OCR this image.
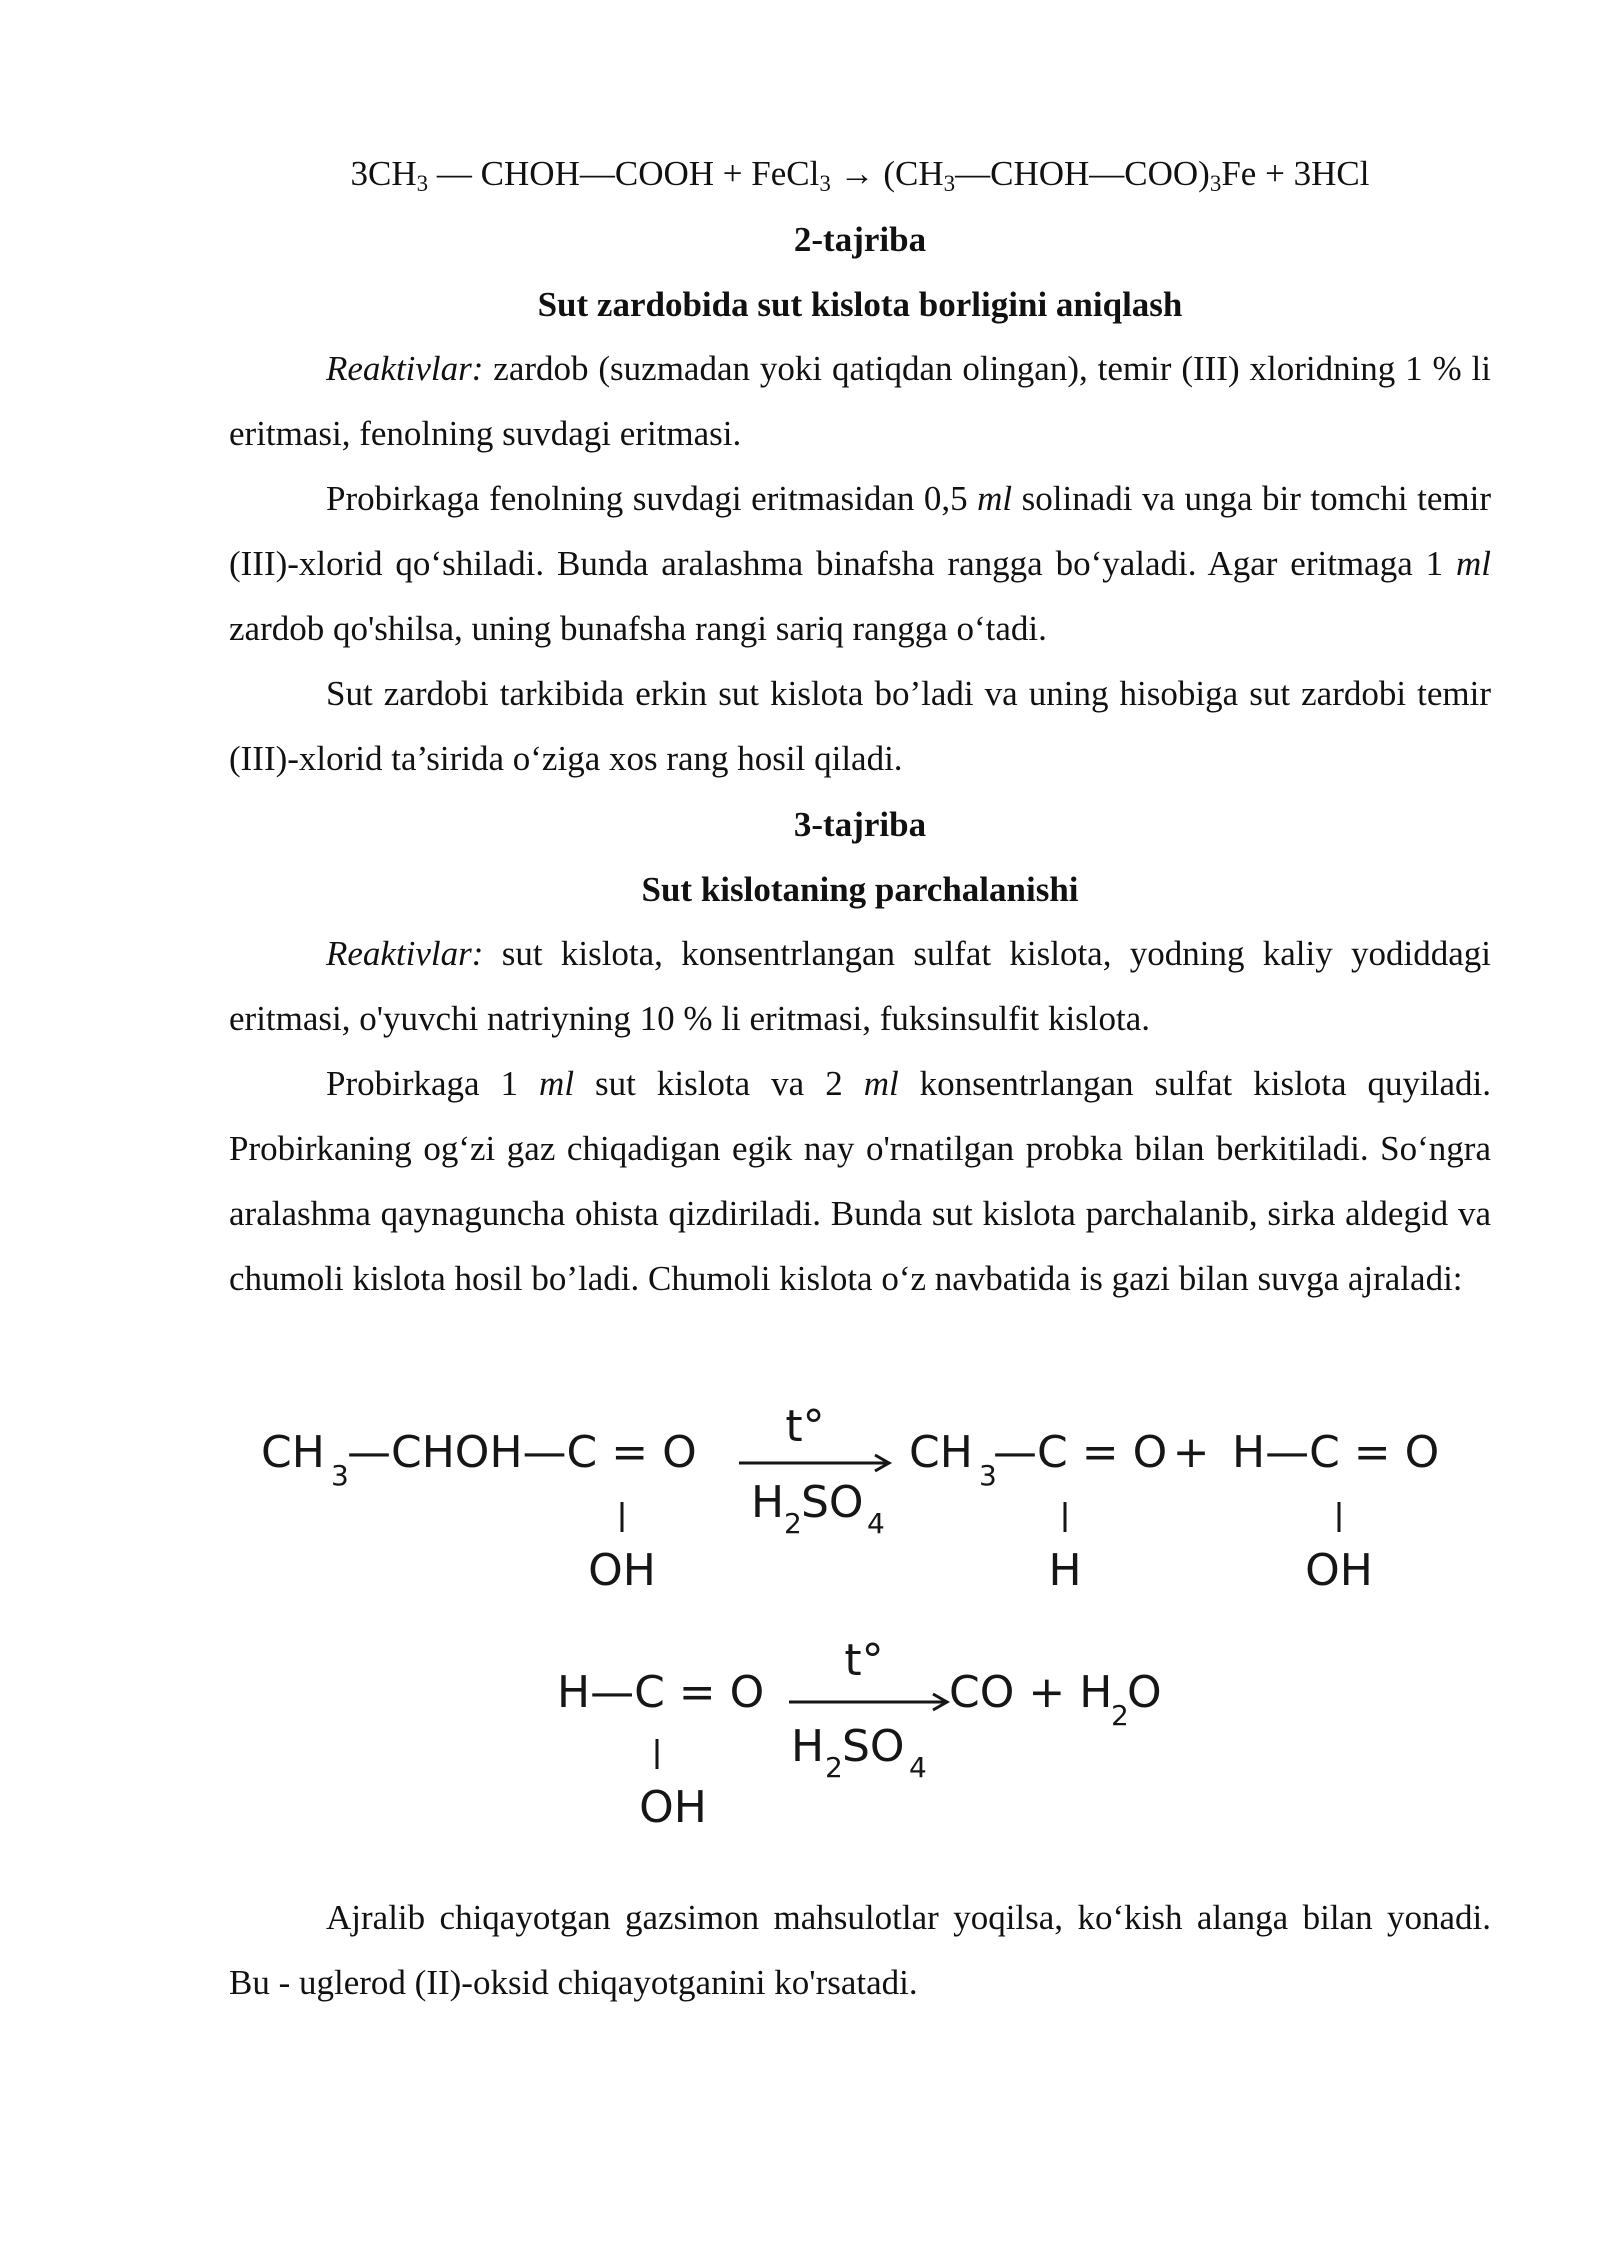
$3CH_3$ — CHOH—COOH + FeCl$_3$ → $(CH_3—CHOH—COO)_3Fe + 3HCl$
2-tajriba
Sut zardobida sut kislota borligini aniqlash
Reaktivlar: zardob (suzmadan yoki qatiqdan olingan), temir (III) xloridning 1 % li eritmasi, fenolning suvdagi eritmasi.
Probirkaga fenolning suvdagi eritmasidan 0,5 ml solinadi va unga bir tomchi temir (III)-xlorid qo‘shiladi. Bunda aralashma binafsha rangga bo‘yaladi. Agar eritmaga 1 ml zardob qo'shilsa, uning bunafsha rangi sariq rangga o‘tadi.
Sut zardobi tarkibida erkin sut kislota bo’ladi va uning hisobiga sut zardobi temir (III)-xlorid ta’sirida o‘ziga xos rang hosil qiladi.
3-tajriba
Sut kislotaning parchalanishi
Reaktivlar: sut kislota, konsentrlangan sulfat kislota, yodning kaliy yodiddagi eritmasi, o'yuvchi natriyning 10 % li eritmasi, fuksinsulfit kislota.
Probirkaga 1 ml sut kislota va 2 ml konsentrlangan sulfat kislota quyiladi. Probirkaning og‘zi gaz chiqadigan egik nay o'rnatilgan probka bilan berkitiladi. So‘ngra aralashma qaynaguncha ohista qizdiriladi. Bunda sut kislota parchalanib, sirka aldegid va chumoli kislota hosil bo’ladi. Chumoli kislota o‘z navbatida is gazi bilan suvga ajraladi:
CH 3
—CHOH—C = O
OH
t°
H 2 SO 4
CH 3
—C = O
H
+ H—C = O
OH
H—C = O
OH
t°
H 2 SO 4
CO + H
2
O
Ajralib chiqayotgan gazsimon mahsulotlar yoqilsa, ko‘kish alanga bilan yonadi. Bu - uglerod (II)-oksid chiqayotganini ko'rsatadi.
